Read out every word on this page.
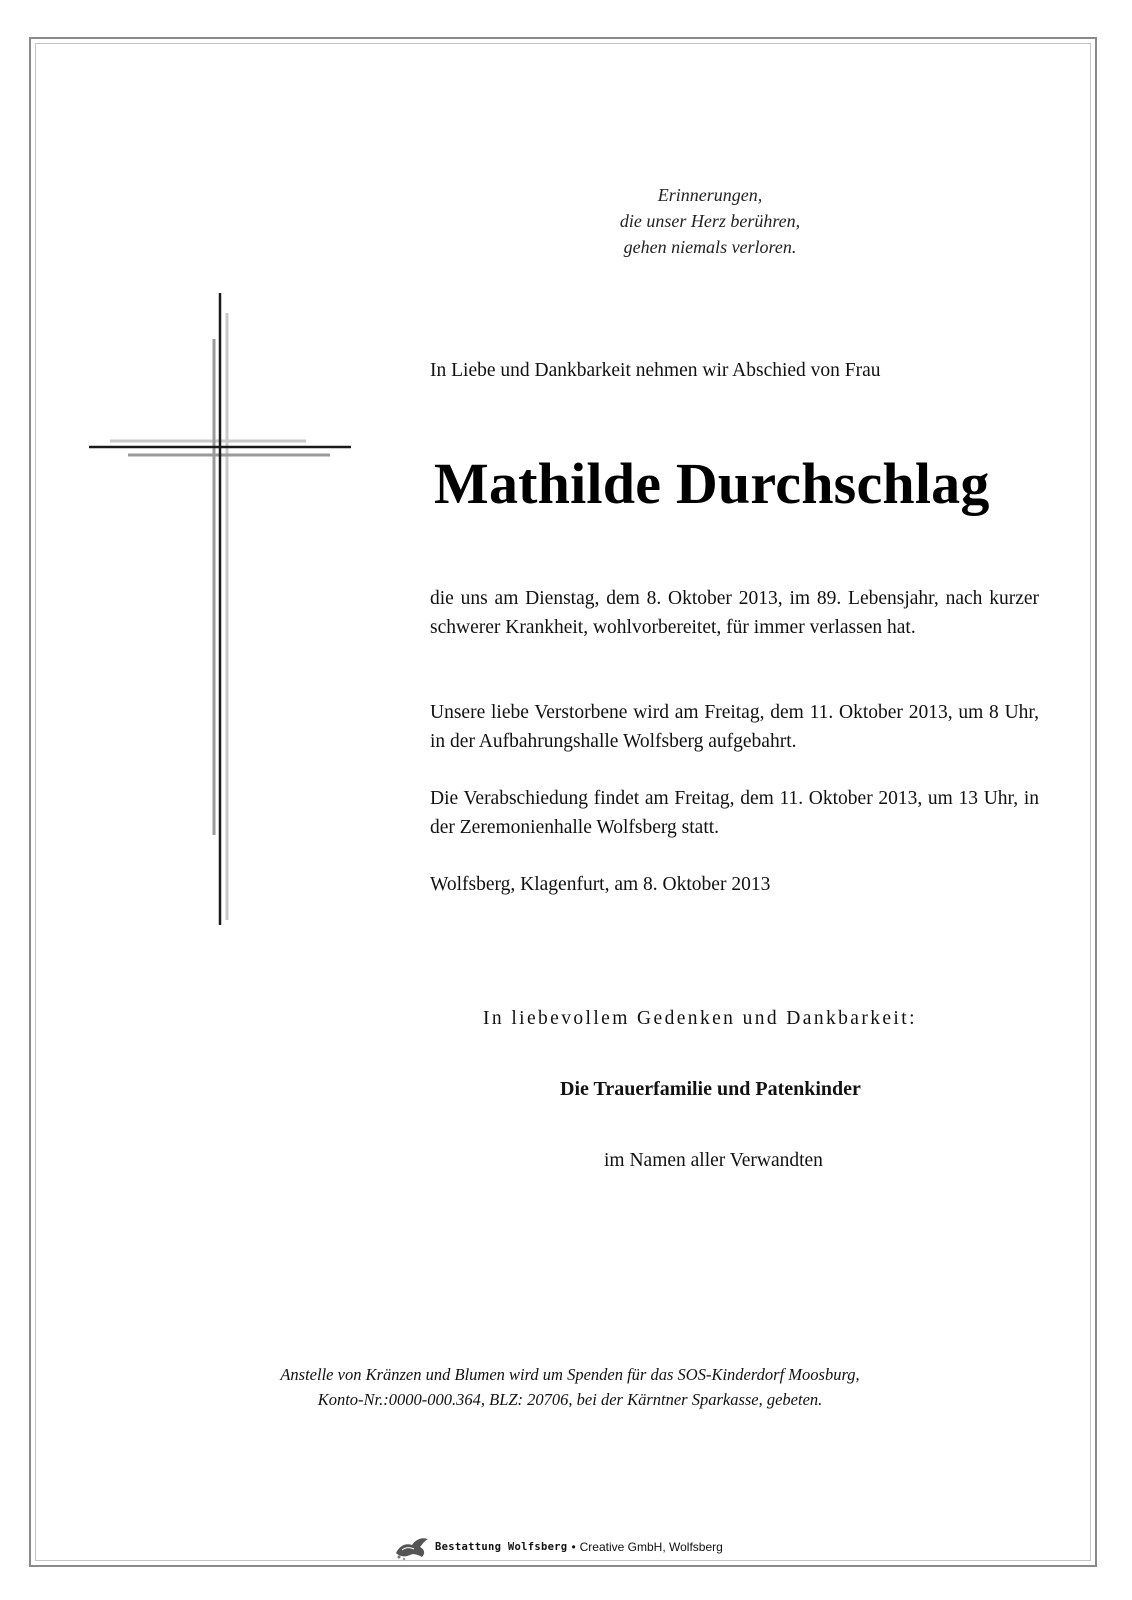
Erinnerungen,
die unser Herz berühren,
gehen niemals verloren.
In Liebe und Dankbarkeit nehmen wir Abschied von Frau
Mathilde Durchschlag
die uns am Dienstag, dem 8. Oktober 2013, im 89. Lebensjahr, nach kurzer schwerer Krankheit, wohlvorbereitet, für immer verlassen hat.
Unsere liebe Verstorbene wird am Freitag, dem 11. Oktober 2013, um 8 Uhr, in der Aufbahrungshalle Wolfsberg aufgebahrt.
Die Verabschiedung findet am Freitag, dem 11. Oktober 2013, um 13 Uhr, in der Zeremonienhalle Wolfsberg statt.
Wolfsberg, Klagenfurt, am 8. Oktober 2013
In liebevollem Gedenken und Dankbarkeit:
Die Trauerfamilie und Patenkinder
im Namen aller Verwandten
Anstelle von Kränzen und Blumen wird um Spenden für das SOS-Kinderdorf Moosburg,
Konto-Nr.:0000-000.364, BLZ: 20706, bei der Kärntner Sparkasse, gebeten.
Bestattung Wolfsberg • Creative GmbH, Wolfsberg
